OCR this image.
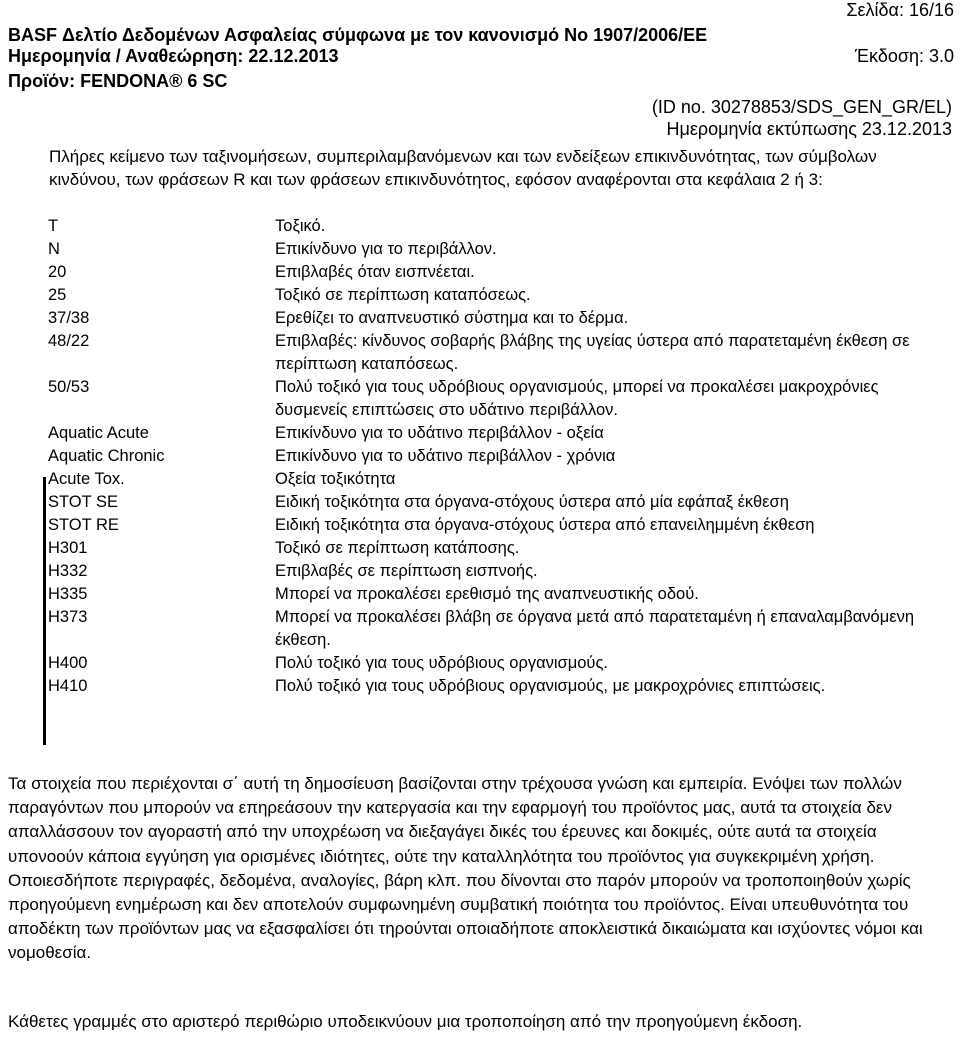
Σελίδα: 16/16
BASF Δελτίο Δεδομένων Ασφαλείας σύμφωνα με τον κανονισμό No 1907/2006/EE
Ημερομηνία / Αναθεώρηση: 22.12.2013	Έκδοση: 3.0
Προϊόν: FENDONA® 6 SC
(ID no. 30278853/SDS_GEN_GR/EL)
Ημερομηνία εκτύπωσης 23.12.2013
Πλήρες κείμενο των ταξινομήσεων, συμπεριλαμβανόμενων και των ενδείξεων επικινδυνότητας, των σύμβολων κινδύνου, των φράσεων R και των φράσεων επικινδυνότητος, εφόσον αναφέρονται στα κεφάλαια 2 ή 3:
T	Τοξικό.
N	Επικίνδυνο για το περιβάλλον.
20	Επιβλαβές όταν εισπνέεται.
25	Τοξικό σε περίπτωση καταπόσεως.
37/38	Ερεθίζει το αναπνευστικό σύστημα και το δέρμα.
48/22	Επιβλαβές: κίνδυνος σοβαρής βλάβης της υγείας ύστερα από παρατεταμένη έκθεση σε περίπτωση καταπόσεως.
50/53	Πολύ τοξικό για τους υδρόβιους οργανισμούς, μπορεί να προκαλέσει μακροχρόνιες δυσμενείς επιπτώσεις στο υδάτινο περιβάλλον.
Aquatic Acute	Επικίνδυνο για το υδάτινο περιβάλλον - οξεία
Aquatic Chronic	Επικίνδυνο για το υδάτινο περιβάλλον - χρόνια
Acute Tox.	Οξεία τοξικότητα
STOT SE	Ειδική τοξικότητα στα όργανα-στόχους ύστερα από μία εφάπαξ έκθεση
STOT RE	Ειδική τοξικότητα στα όργανα-στόχους ύστερα από επανειλημμένη έκθεση
H301	Τοξικό σε περίπτωση κατάποσης.
H332	Επιβλαβές σε περίπτωση εισπνοής.
H335	Μπορεί να προκαλέσει ερεθισμό της αναπνευστικής οδού.
H373	Μπορεί να προκαλέσει βλάβη σε όργανα μετά από παρατεταμένη ή επαναλαμβανόμενη έκθεση.
H400	Πολύ τοξικό για τους υδρόβιους οργανισμούς.
H410	Πολύ τοξικό για τους υδρόβιους οργανισμούς, με μακροχρόνιες επιπτώσεις.
Τα στοιχεία που περιέχονται σ΄ αυτή τη δημοσίευση βασίζονται στην τρέχουσα γνώση και εμπειρία. Ενόψει των πολλών παραγόντων που μπορούν να επηρεάσουν την κατεργασία και την εφαρμογή του προϊόντος μας, αυτά τα στοιχεία δεν απαλλάσσουν τον αγοραστή από την υποχρέωση να διεξαγάγει δικές του έρευνες και δοκιμές, ούτε αυτά τα στοιχεία υπονοούν κάποια εγγύηση για ορισμένες ιδιότητες, ούτε την καταλληλότητα του προϊόντος για συγκεκριμένη χρήση. Οποιεσδήποτε περιγραφές, δεδομένα, αναλογίες, βάρη κλπ. που δίνονται στο παρόν μπορούν να τροποποιηθούν χωρίς προηγούμενη ενημέρωση και δεν αποτελούν συμφωνημένη συμβατική ποιότητα του προϊόντος. Είναι υπευθυνότητα του αποδέκτη των προϊόντων μας να εξασφαλίσει ότι τηρούνται οποιαδήποτε αποκλειστικά δικαιώματα και ισχύοντες νόμοι και νομοθεσία.
Κάθετες γραμμές στο αριστερό περιθώριο υποδεικνύουν μια τροποποίηση από την προηγούμενη έκδοση.
